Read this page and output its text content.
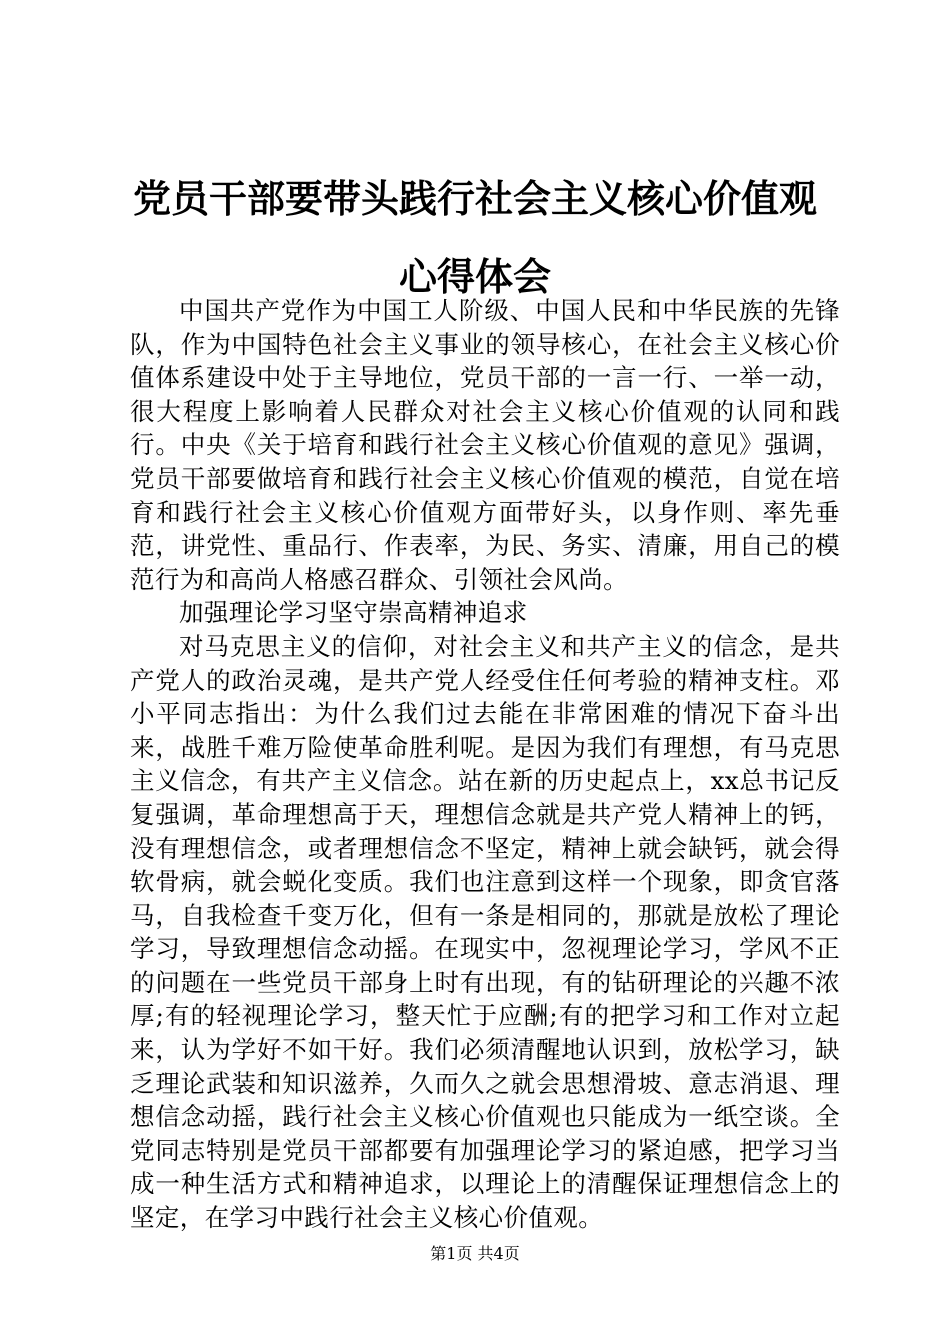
党员干部要带头践行社会主义核心价值观心得体会

中国共产党作为中国工人阶级、中国人民和中华民族的先锋队，作为中国特色社会主义事业的领导核心，在社会主义核心价值体系建设中处于主导地位，党员干部的一言一行、一举一动，很大程度上影响着人民群众对社会主义核心价值观的认同和践行。中央《关于培育和践行社会主义核心价值观的意见》强调，党员干部要做培育和践行社会主义核心价值观的模范，自觉在培育和践行社会主义核心价值观方面带好头，以身作则、率先垂范，讲党性、重品行、作表率，为民、务实、清廉，用自己的模范行为和高尚人格感召群众、引领社会风尚。

加强理论学习坚守崇高精神追求

对马克思主义的信仰，对社会主义和共产主义的信念，是共产党人的政治灵魂，是共产党人经受住任何考验的精神支柱。邓小平同志指出：为什么我们过去能在非常困难的情况下奋斗出来，战胜千难万险使革命胜利呢。是因为我们有理想，有马克思主义信念，有共产主义信念。站在新的历史起点上，xx总书记反复强调，革命理想高于天，理想信念就是共产党人精神上的钙，没有理想信念，或者理想信念不坚定，精神上就会缺钙，就会得软骨病，就会蜕化变质。我们也注意到这样一个现象，即贪官落马，自我检查千变万化，但有一条是相同的，那就是放松了理论学习，导致理想信念动摇。在现实中，忽视理论学习，学风不正的问题在一些党员干部身上时有出现，有的钻研理论的兴趣不浓厚;有的轻视理论学习，整天忙于应酬;有的把学习和工作对立起来，认为学好不如干好。我们必须清醒地认识到，放松学习，缺乏理论武装和知识滋养，久而久之就会思想滑坡、意志消退、理想信念动摇，践行社会主义核心价值观也只能成为一纸空谈。全党同志特别是党员干部都要有加强理论学习的紧迫感，把学习当成一种生活方式和精神追求，以理论上的清醒保证理想信念上的坚定，在学习中践行社会主义核心价值观。

第1页 共4页
